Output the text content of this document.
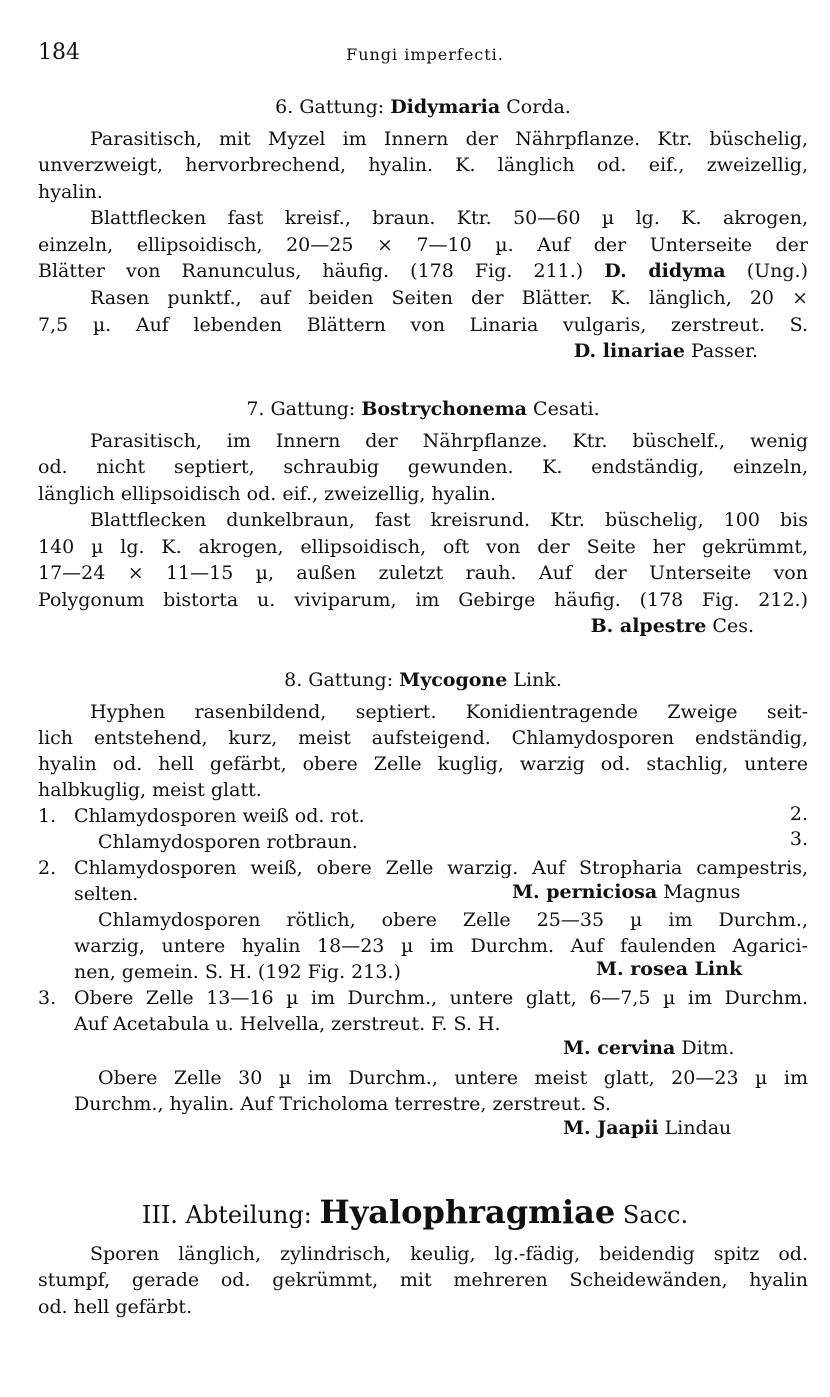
184	Fungi imperfecti.
6. Gattung: Didymaria Corda.
Parasitisch, mit Myzel im Innern der Nährpflanze. Ktr. büschelig,
unverzweigt, hervorbrechend, hyalin. K. länglich od. eif., zweizellig,
hyalin.
Blattflecken fast kreisf., braun. Ktr. 50—60 µ lg. K. akrogen,
einzeln, ellipsoidisch, 20—25 × 7—10 µ. Auf der Unterseite der
Blätter von Ranunculus, häufig. (178 Fig. 211.) D. didyma (Ung.)
Rasen punktf., auf beiden Seiten der Blätter. K. länglich, 20 ×
7,5 µ. Auf lebenden Blättern von Linaria vulgaris, zerstreut. S.
D. linariae Passer.
7. Gattung: Bostrychonema Cesati.
Parasitisch, im Innern der Nährpflanze. Ktr. büschelf., wenig
od. nicht septiert, schraubig gewunden. K. endständig, einzeln,
länglich ellipsoidisch od. eif., zweizellig, hyalin.
Blattflecken dunkelbraun, fast kreisrund. Ktr. büschelig, 100 bis
140 µ lg. K. akrogen, ellipsoidisch, oft von der Seite her gekrümmt,
17—24 × 11—15 µ, außen zuletzt rauh. Auf der Unterseite von
Polygonum bistorta u. viviparum, im Gebirge häufig. (178 Fig. 212.)
B. alpestre Ces.
8. Gattung: Mycogone Link.
Hyphen rasenbildend, septiert. Konidientragende Zweige seit-
lich entstehend, kurz, meist aufsteigend. Chlamydosporen endständig,
hyalin od. hell gefärbt, obere Zelle kuglig, warzig od. stachlig, untere
halbkuglig, meist glatt.
1. Chlamydosporen weiß od. rot.	2.
Chlamydosporen rotbraun.	3.
2. Chlamydosporen weiß, obere Zelle warzig. Auf Stropharia campestris,
selten.	M. perniciosa Magnus
Chlamydosporen rötlich, obere Zelle 25—35 µ im Durchm.,
warzig, untere hyalin 18—23 µ im Durchm. Auf faulenden Agarici-
nen, gemein. S. H. (192 Fig. 213.)	M. rosea Link
3. Obere Zelle 13—16 µ im Durchm., untere glatt, 6—7,5 µ im Durchm.
Auf Acetabula u. Helvella, zerstreut. F. S. H.
M. cervina Ditm.
Obere Zelle 30 µ im Durchm., untere meist glatt, 20—23 µ im
Durchm., hyalin. Auf Tricholoma terrestre, zerstreut. S.
M. Jaapii Lindau
III. Abteilung: Hyalophragmiae Sacc.
Sporen länglich, zylindrisch, keulig, lg.-fädig, beidendig spitz od.
stumpf, gerade od. gekrümmt, mit mehreren Scheidewänden, hyalin
od. hell gefärbt.
